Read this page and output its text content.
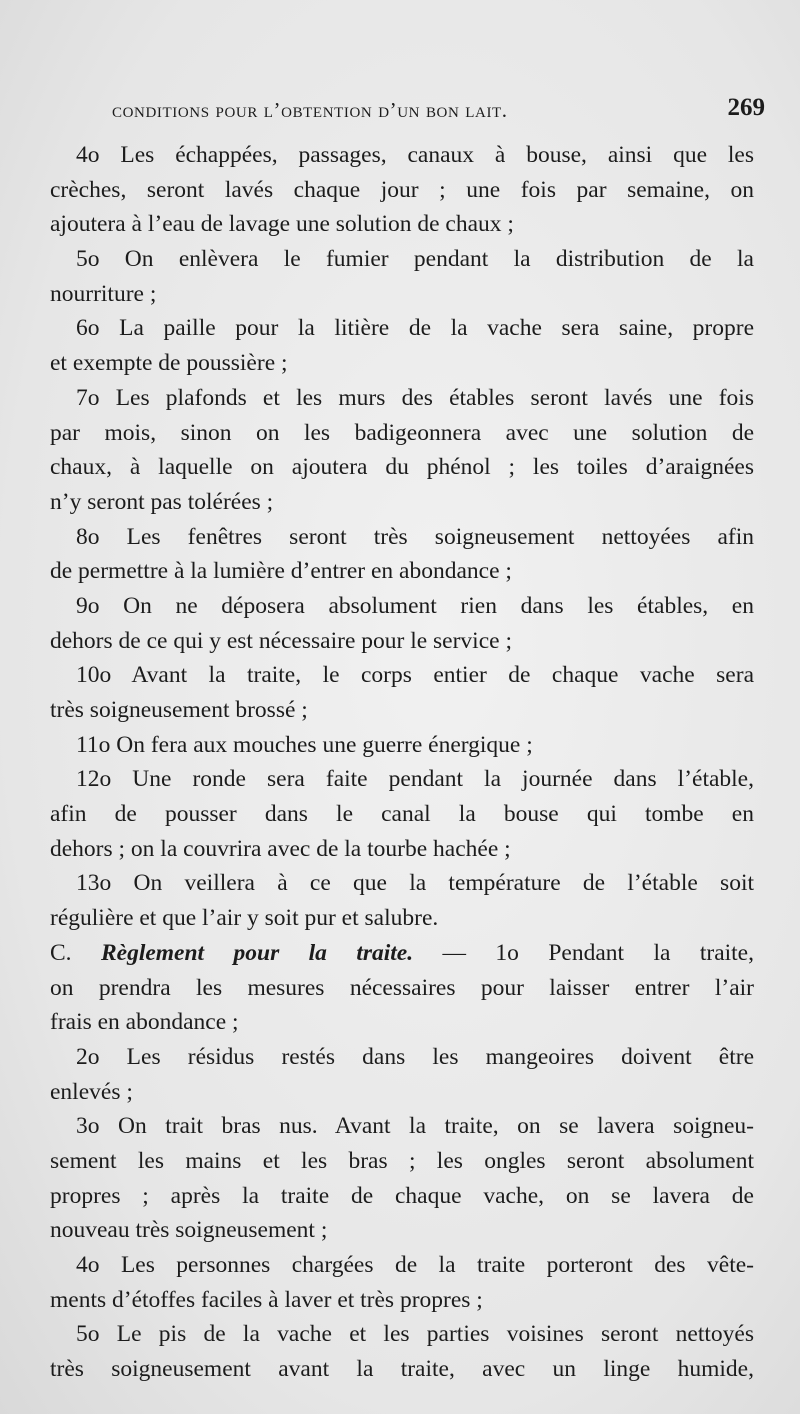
conditions pour l’obtention d’un bon lait.	269
4o Les échappées, passages, canaux à bouse, ainsi que les
crèches, seront lavés chaque jour ; une fois par semaine, on
ajoutera à l’eau de lavage une solution de chaux ;
5o On enlèvera le fumier pendant la distribution de la
nourriture ;
6o La paille pour la litière de la vache sera saine, propre
et exempte de poussière ;
7o Les plafonds et les murs des étables seront lavés une fois
par mois, sinon on les badigeonnera avec une solution de
chaux, à laquelle on ajoutera du phénol ; les toiles d’araignées
n’y seront pas tolérées ;
8o Les fenêtres seront très soigneusement nettoyées afin
de permettre à la lumière d’entrer en abondance ;
9o On ne déposera absolument rien dans les étables, en
dehors de ce qui y est nécessaire pour le service ;
10o Avant la traite, le corps entier de chaque vache sera
très soigneusement brossé ;
11o On fera aux mouches une guerre énergique ;
12o Une ronde sera faite pendant la journée dans l’étable,
afin de pousser dans le canal la bouse qui tombe en
dehors ; on la couvrira avec de la tourbe hachée ;
13o On veillera à ce que la température de l’étable soit
régulière et que l’air y soit pur et salubre.
C. Règlement pour la traite. — 1o Pendant la traite,
on prendra les mesures nécessaires pour laisser entrer l’air
frais en abondance ;
2o Les résidus restés dans les mangeoires doivent être
enlevés ;
3o On trait bras nus. Avant la traite, on se lavera soigneu-
sement les mains et les bras ; les ongles seront absolument
propres ; après la traite de chaque vache, on se lavera de
nouveau très soigneusement ;
4o Les personnes chargées de la traite porteront des vête-
ments d’étoffes faciles à laver et très propres ;
5o Le pis de la vache et les parties voisines seront nettoyés
très soigneusement avant la traite, avec un linge humide,
